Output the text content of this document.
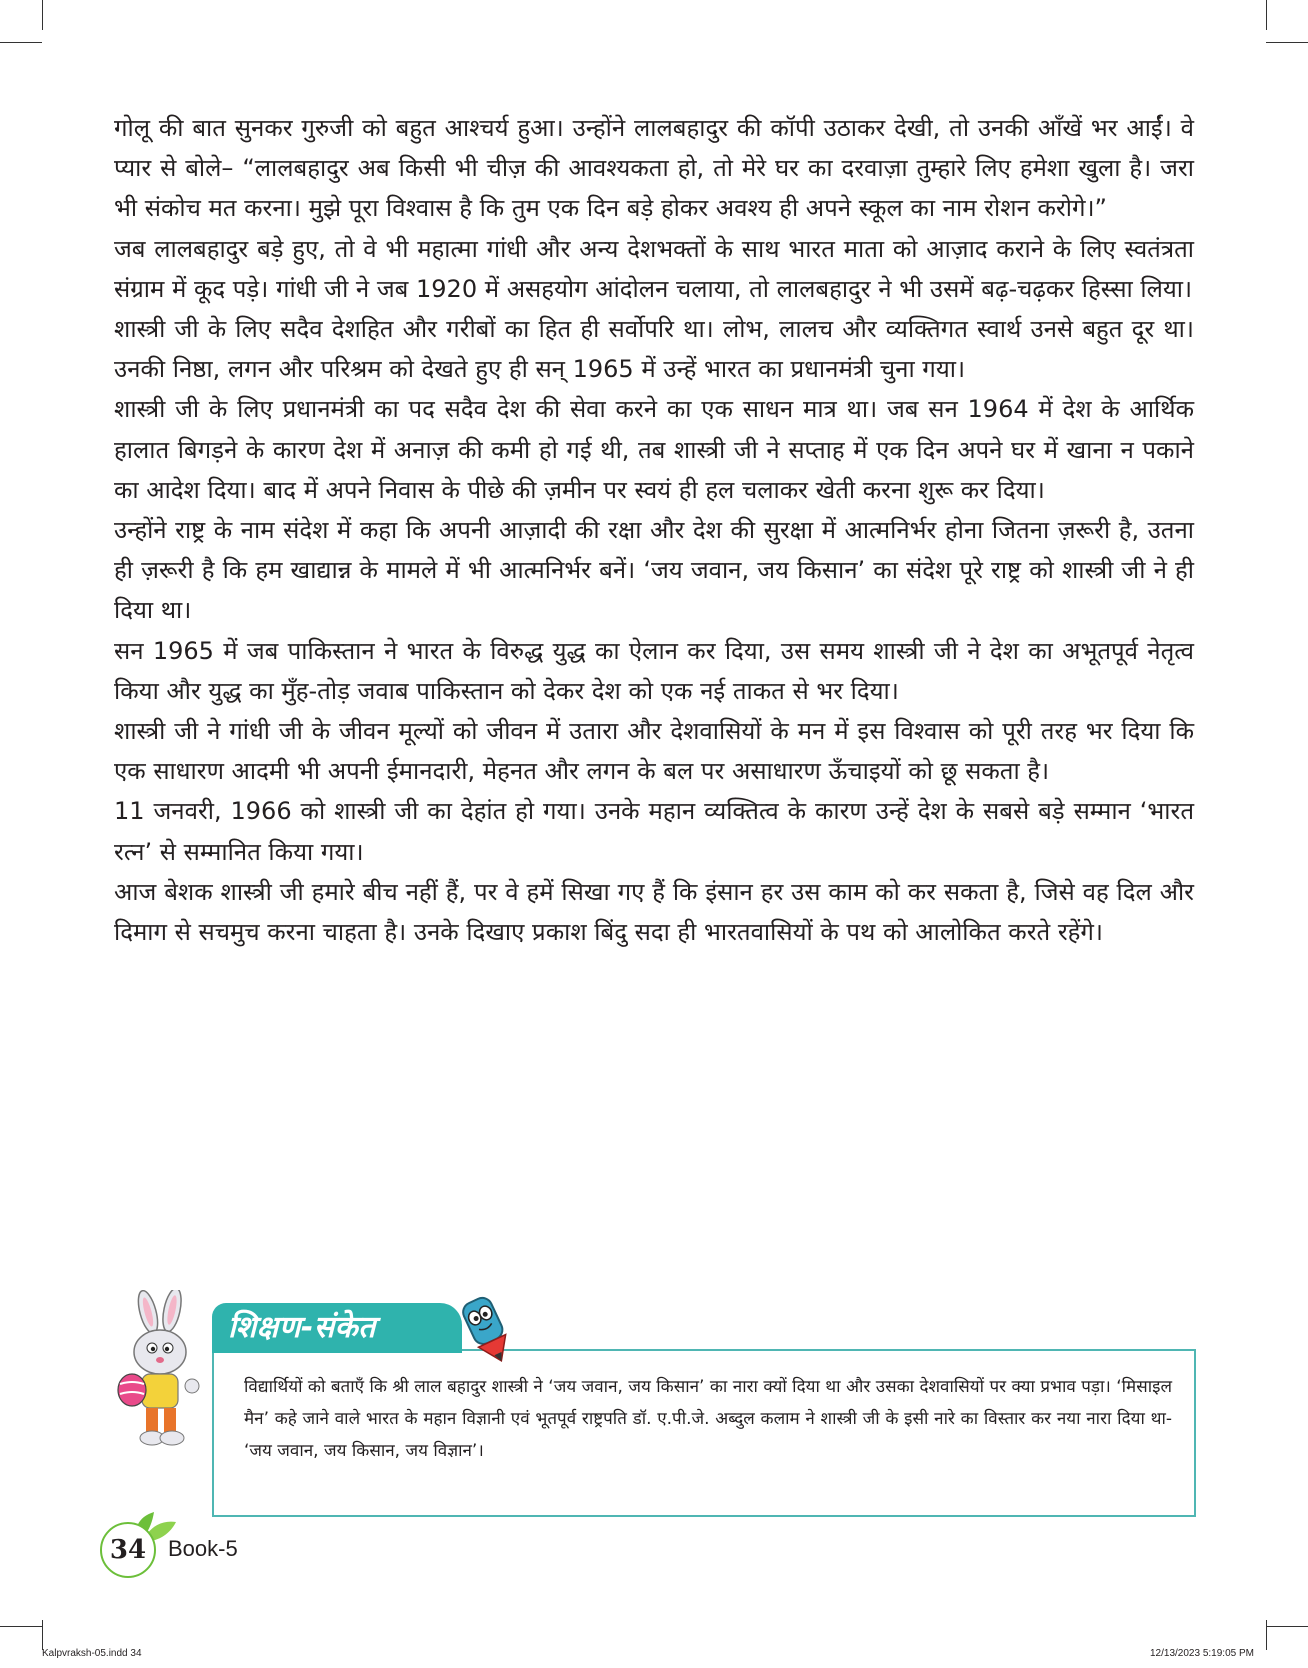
गोलू की बात सुनकर गुरुजी को बहुत आश्चर्य हुआ। उन्होंने लालबहादुर की कॉपी उठाकर देखी, तो उनकी आँखें भर आईं। वे प्यार से बोले– “लालबहादुर अब किसी भी चीज़ की आवश्यकता हो, तो मेरे घर का दरवाज़ा तुम्हारे लिए हमेशा खुला है। जरा भी संकोच मत करना। मुझे पूरा विश्वास है कि तुम एक दिन बड़े होकर अवश्य ही अपने स्कूल का नाम रोशन करोगे।”

जब लालबहादुर बड़े हुए, तो वे भी महात्मा गांधी और अन्य देशभक्तों के साथ भारत माता को आज़ाद कराने के लिए स्वतंत्रता संग्राम में कूद पड़े। गांधी जी ने जब 1920 में असहयोग आंदोलन चलाया, तो लालबहादुर ने भी उसमें बढ़-चढ़कर हिस्सा लिया।

शास्त्री जी के लिए सदैव देशहित और गरीबों का हित ही सर्वोपरि था। लोभ, लालच और व्यक्तिगत स्वार्थ उनसे बहुत दूर था। उनकी निष्ठा, लगन और परिश्रम को देखते हुए ही सन् 1965 में उन्हें भारत का प्रधानमंत्री चुना गया।

शास्त्री जी के लिए प्रधानमंत्री का पद सदैव देश की सेवा करने का एक साधन मात्र था। जब सन 1964 में देश के आर्थिक हालात बिगड़ने के कारण देश में अनाज़ की कमी हो गई थी, तब शास्त्री जी ने सप्ताह में एक दिन अपने घर में खाना न पकाने का आदेश दिया। बाद में अपने निवास के पीछे की ज़मीन पर स्वयं ही हल चलाकर खेती करना शुरू कर दिया।

उन्होंने राष्ट्र के नाम संदेश में कहा कि अपनी आज़ादी की रक्षा और देश की सुरक्षा में आत्मनिर्भर होना जितना ज़रूरी है, उतना ही ज़रूरी है कि हम खाद्यान्न के मामले में भी आत्मनिर्भर बनें। ‘जय जवान, जय किसान’ का संदेश पूरे राष्ट्र को शास्त्री जी ने ही दिया था।

सन 1965 में जब पाकिस्तान ने भारत के विरुद्ध युद्ध का ऐलान कर दिया, उस समय शास्त्री जी ने देश का अभूतपूर्व नेतृत्व किया और युद्ध का मुँह-तोड़ जवाब पाकिस्तान को देकर देश को एक नई ताकत से भर दिया।

शास्त्री जी ने गांधी जी के जीवन मूल्यों को जीवन में उतारा और देशवासियों के मन में इस विश्वास को पूरी तरह भर दिया कि एक साधारण आदमी भी अपनी ईमानदारी, मेहनत और लगन के बल पर असाधारण ऊँचाइयों को छू सकता है।

11 जनवरी, 1966 को शास्त्री जी का देहांत हो गया। उनके महान व्यक्तित्व के कारण उन्हें देश के सबसे बड़े सम्मान ‘भारत रत्न’ से सम्मानित किया गया।

आज बेशक शास्त्री जी हमारे बीच नहीं हैं, पर वे हमें सिखा गए हैं कि इंसान हर उस काम को कर सकता है, जिसे वह दिल और दिमाग से सचमुच करना चाहता है। उनके दिखाए प्रकाश बिंदु सदा ही भारतवासियों के पथ को आलोकित करते रहेंगे।

विद्यार्थियों को बताएँ कि श्री लाल बहादुर शास्त्री ने ‘जय जवान, जय किसान’ का नारा क्यों दिया था और उसका देशवासियों पर क्या प्रभाव पड़ा। ‘मिसाइल मैन’ कहे जाने वाले भारत के महान विज्ञानी एवं भूतपूर्व राष्ट्रपति डॉ. ए.पी.जे. अब्दुल कलाम ने शास्त्री जी के इसी नारे का विस्तार कर नया नारा दिया था- ‘जय जवान, जय किसान, जय विज्ञान’।

शिक्षण-संकेत
34 Book-5
Kalpvraksh-05.indd 34	12/13/2023 5:19:05 PM
